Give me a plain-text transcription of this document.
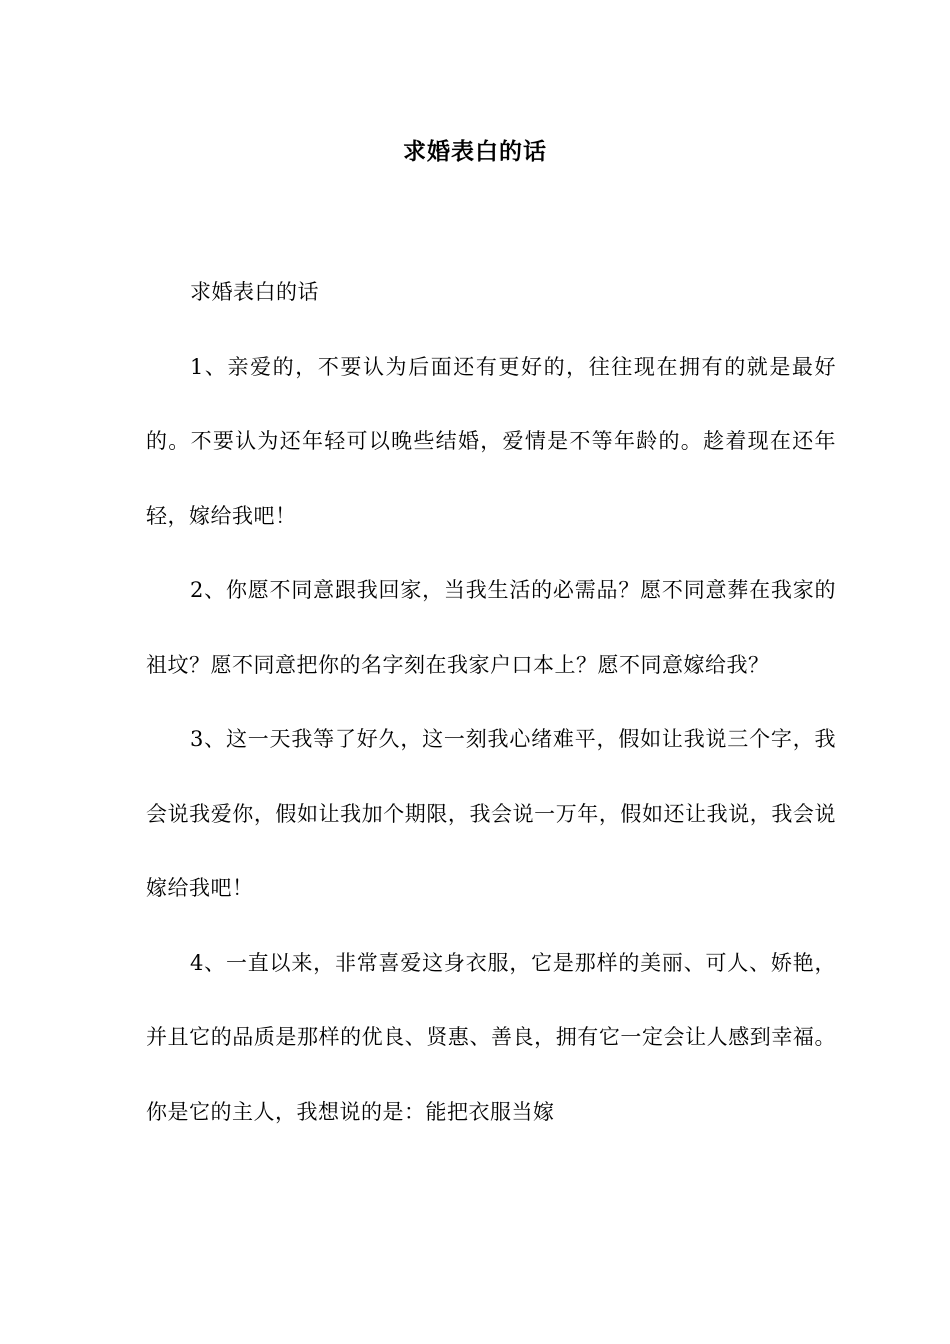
求婚表白的话

求婚表白的话

1、亲爱的，不要认为后面还有更好的，往往现在拥有的就是最好的。不要认为还年轻可以晚些结婚，爱情是不等年龄的。趁着现在还年轻，嫁给我吧！

2、你愿不同意跟我回家，当我生活的必需品？愿不同意葬在我家的祖坟？愿不同意把你的名字刻在我家户口本上？愿不同意嫁给我？

3、这一天我等了好久，这一刻我心绪难平，假如让我说三个字，我会说我爱你，假如让我加个期限，我会说一万年，假如还让我说，我会说嫁给我吧！

4、一直以来，非常喜爱这身衣服，它是那样的美丽、可人、娇艳，并且它的品质是那样的优良、贤惠、善良，拥有它一定会让人感到幸福。你是它的主人，我想说的是：能把衣服当嫁
